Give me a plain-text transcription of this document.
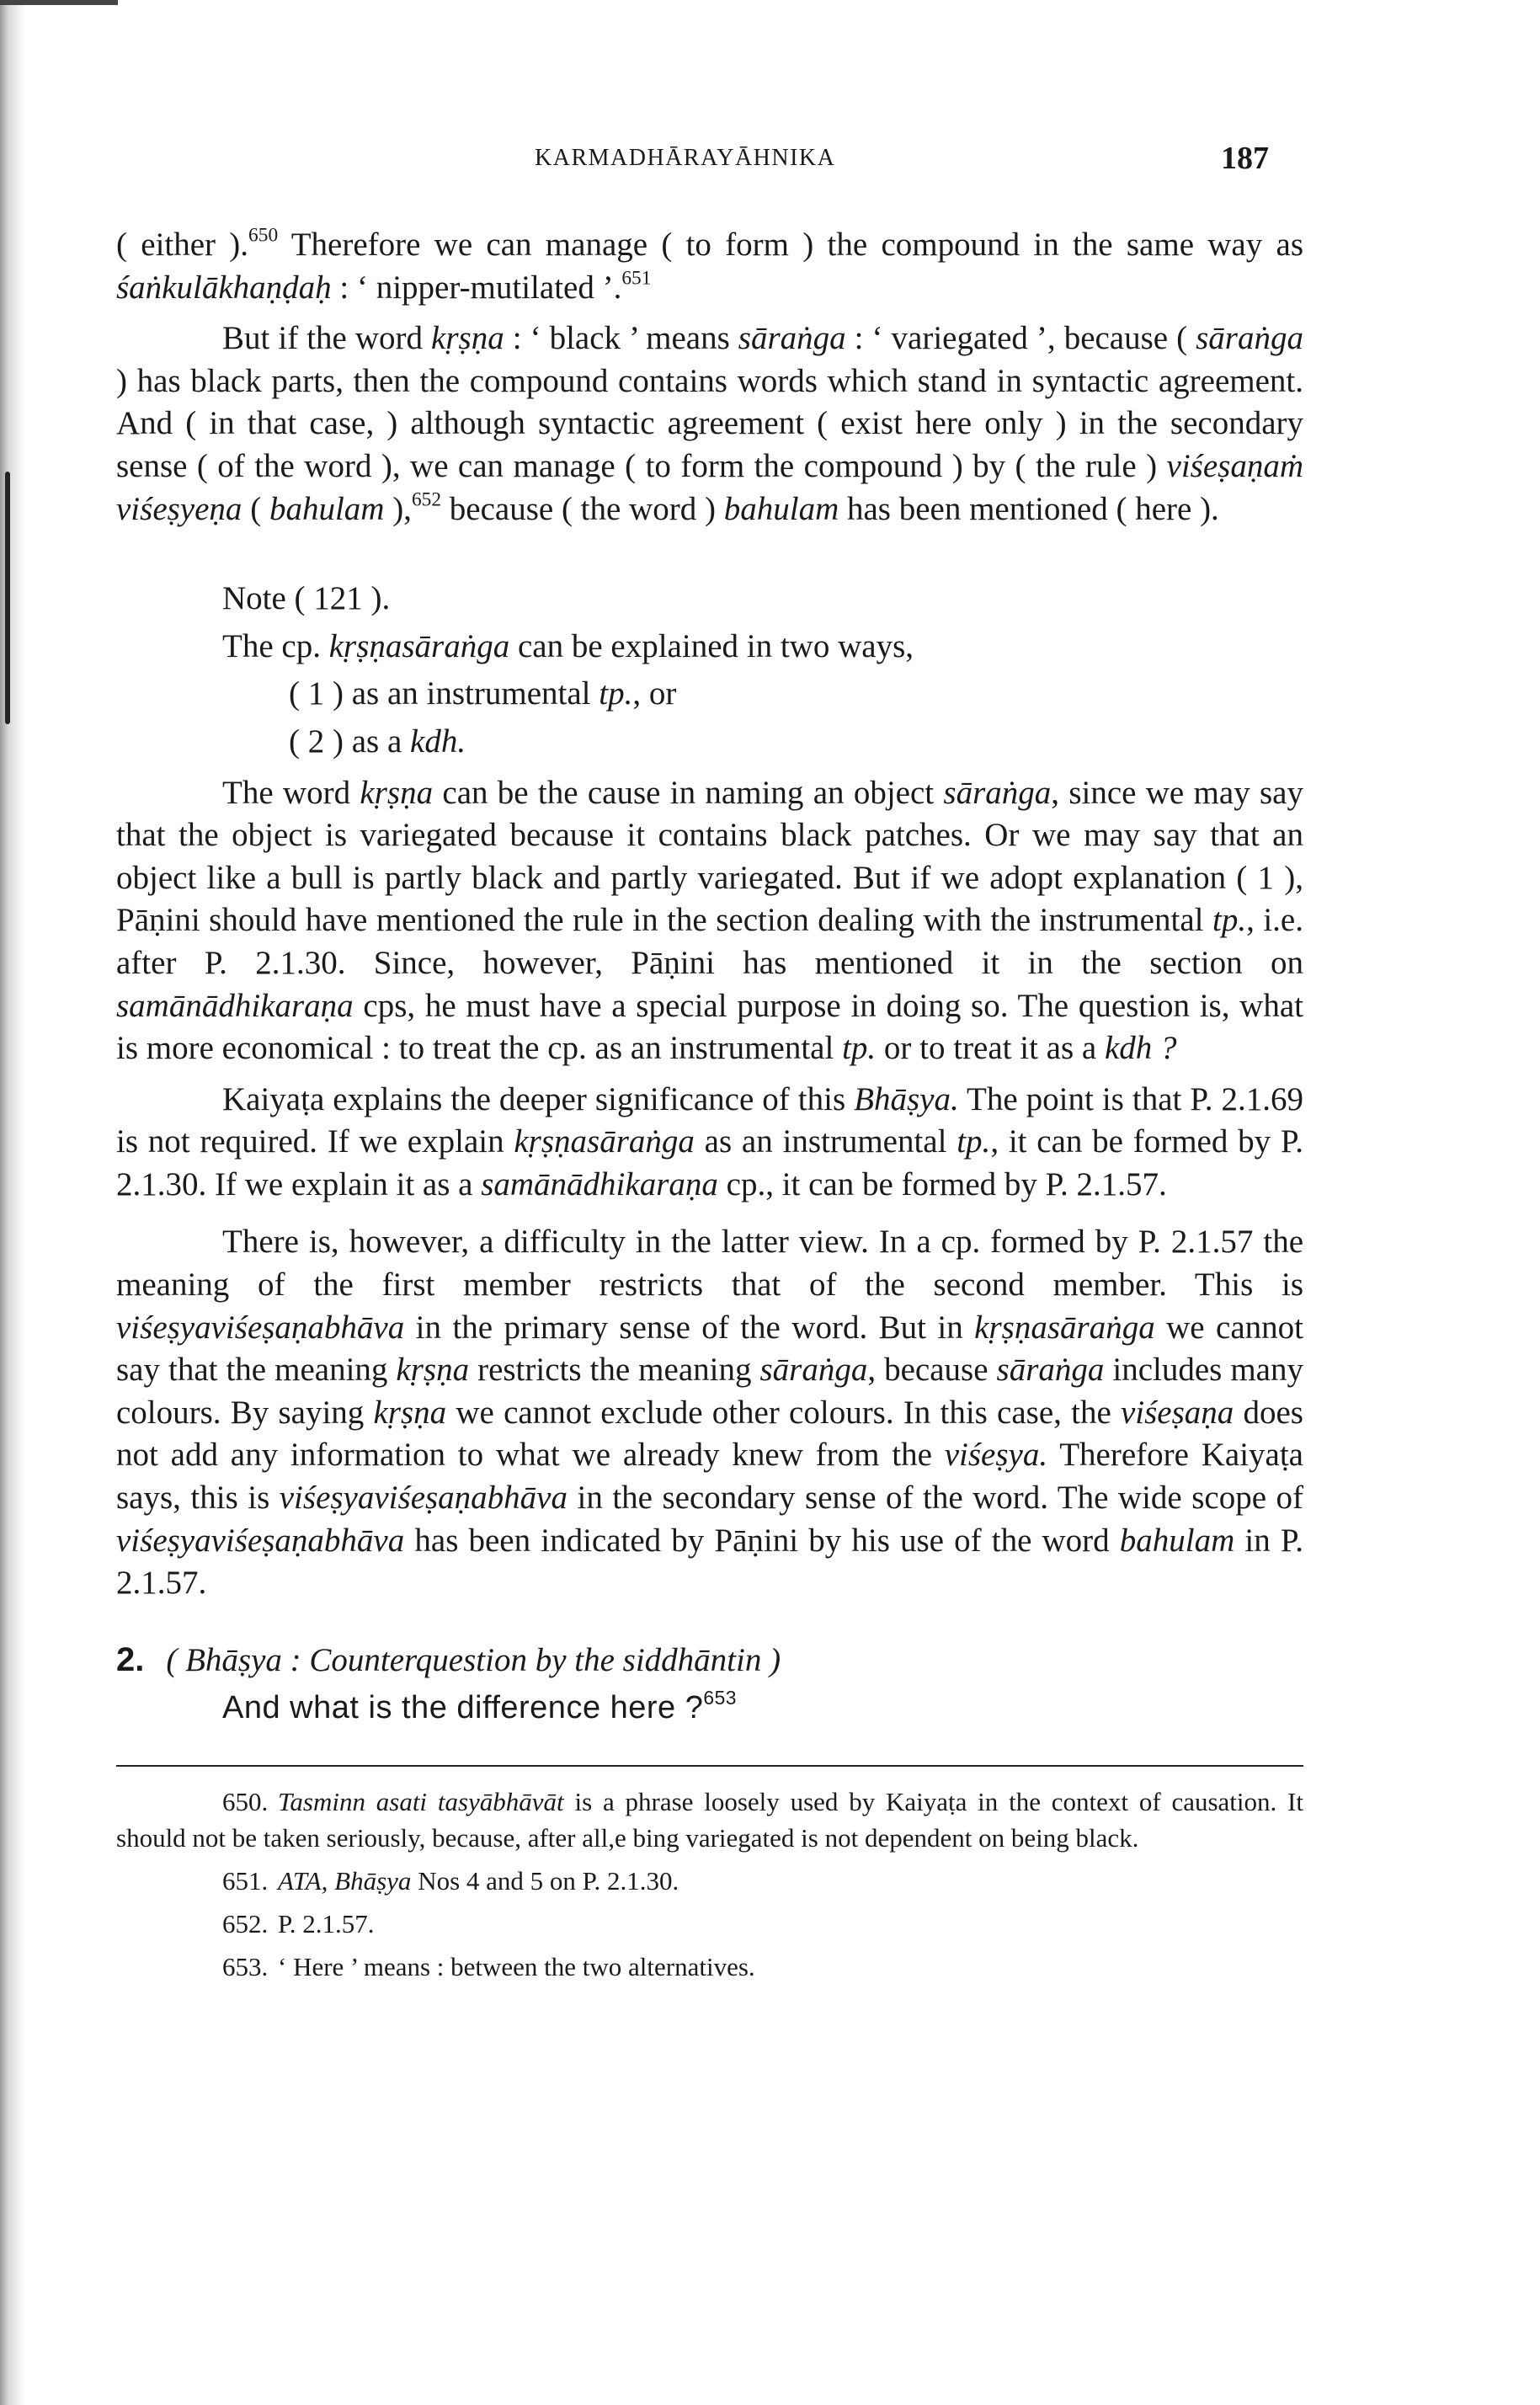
KARMADHĀRAYĀHNIKA	187

( either ).$^{650}$ Therefore we can manage ( to form ) the compound in the same way as śaṅkulākhaṇḍaḥ : ‘ nipper-mutilated ’.$^{651}$

But if the word kṛṣṇa : ‘ black ’ means sāraṅga : ‘ variegated ’, because ( sāraṅga ) has black parts, then the compound contains words which stand in syntactic agreement. And ( in that case, ) although syntactic agreement ( exist here only ) in the secondary sense ( of the word ), we can manage ( to form the compound ) by ( the rule ) viśeṣaṇaṁ viśeṣyeṇa ( bahulam ),$^{652}$ because ( the word ) bahulam has been mentioned ( here ).

Note ( 121 ).

The cp. kṛṣṇasāraṅga can be explained in two ways,

( 1 ) as an instrumental tp., or

( 2 ) as a kdh.

The word kṛṣṇa can be the cause in naming an object sāraṅga, since we may say that the object is variegated because it contains black patches. Or we may say that an object like a bull is partly black and partly variegated. But if we adopt explanation ( 1 ), Pāṇini should have mentioned the rule in the section dealing with the instrumental tp., i.e. after P. 2.1.30. Since, however, Pāṇini has mentioned it in the section on samānādhikaraṇa cps, he must have a special purpose in doing so. The question is, what is more economical : to treat the cp. as an instrumental tp. or to treat it as a kdh ?

Kaiyaṭa explains the deeper significance of this Bhāṣya. The point is that P. 2.1.69 is not required. If we explain kṛṣṇasāraṅga as an instrumental tp., it can be formed by P. 2.1.30. If we explain it as a samānādhikaraṇa cp., it can be formed by P. 2.1.57.

There is, however, a difficulty in the latter view. In a cp. formed by P. 2.1.57 the meaning of the first member restricts that of the second member. This is viśeṣyaviśeṣaṇabhāva in the primary sense of the word. But in kṛṣṇasāraṅga we cannot say that the meaning kṛṣṇa restricts the meaning sāraṅga, because sāraṅga includes many colours. By saying kṛṣṇa we cannot exclude other colours. In this case, the viśeṣaṇa does not add any information to what we already knew from the viśeṣya. Therefore Kaiyaṭa says, this is viśeṣyaviśeṣaṇabhāva in the secondary sense of the word. The wide scope of viśeṣyaviśeṣaṇabhāva has been indicated by Pāṇini by his use of the word bahulam in P. 2.1.57.

2. ( Bhāṣya : Counterquestion by the siddhāntin )

And what is the difference here ?$^{653}$

650. Tasminn asati tasyābhāvāt is a phrase loosely used by Kaiyaṭa in the context of causation. It should not be taken seriously, because, after all,e bing variegated is not dependent on being black.

651. ATA, Bhāṣya Nos 4 and 5 on P. 2.1.30.

652. P. 2.1.57.

653. ‘ Here ’ means : between the two alternatives.
